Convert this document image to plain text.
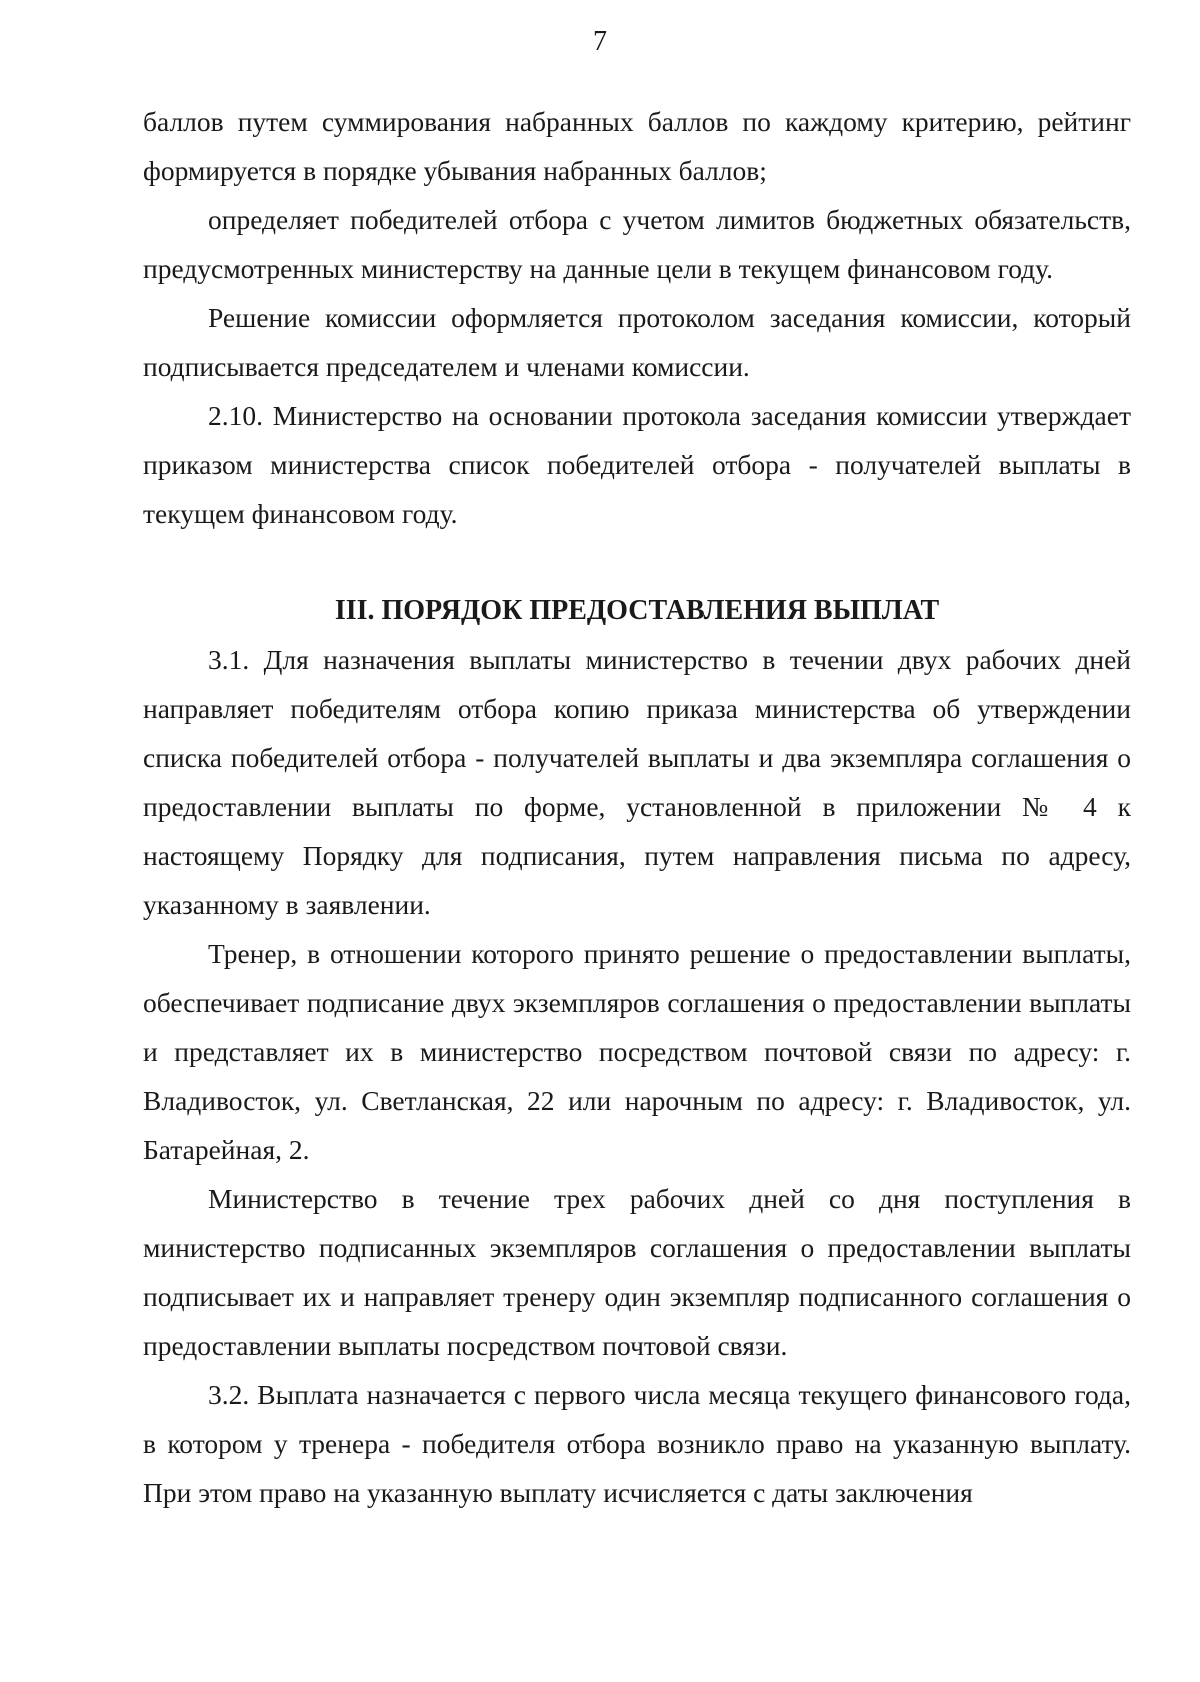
7

баллов путем суммирования набранных баллов по каждому критерию, рейтинг формируется в порядке убывания набранных баллов;

определяет победителей отбора с учетом лимитов бюджетных обязательств, предусмотренных министерству на данные цели в текущем финансовом году.

Решение комиссии оформляется протоколом заседания комиссии, который подписывается председателем и членами комиссии.

2.10. Министерство на основании протокола заседания комиссии утверждает приказом министерства список победителей отбора - получателей выплаты в текущем финансовом году.

III. ПОРЯДОК ПРЕДОСТАВЛЕНИЯ ВЫПЛАТ

3.1. Для назначения выплаты министерство в течении двух рабочих дней направляет победителям отбора копию приказа министерства об утверждении списка победителей отбора - получателей выплаты и два экземпляра соглашения о предоставлении выплаты по форме, установленной в приложении № 4 к настоящему Порядку для подписания, путем направления письма по адресу, указанному в заявлении.

Тренер, в отношении которого принято решение о предоставлении выплаты, обеспечивает подписание двух экземпляров соглашения о предоставлении выплаты и представляет их в министерство посредством почтовой связи по адресу: г. Владивосток, ул. Светланская, 22 или нарочным по адресу: г. Владивосток, ул. Батарейная, 2.

Министерство в течение трех рабочих дней со дня поступления в министерство подписанных экземпляров соглашения о предоставлении выплаты подписывает их и направляет тренеру один экземпляр подписанного соглашения о предоставлении выплаты посредством почтовой связи.

3.2. Выплата назначается с первого числа месяца текущего финансового года, в котором у тренера - победителя отбора возникло право на указанную выплату. При этом право на указанную выплату исчисляется с даты заключения
